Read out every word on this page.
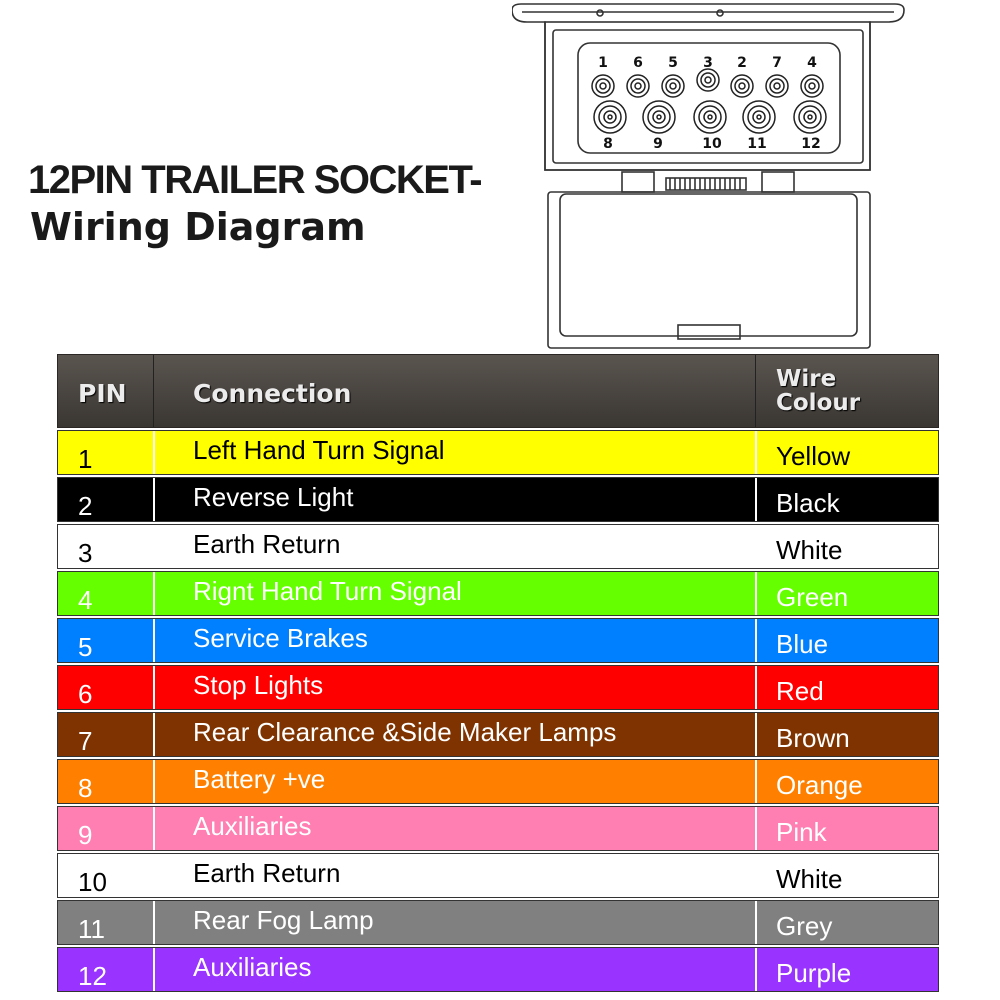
12PIN TRAILER SOCKET-
Wiring Diagram
1 6 5 3 2 7 4
8	9	10 11 12
PIN	Connection	Wire
Colour
1	Left Hand Turn Signal	Yellow
2	Reverse Light	Black
3	Earth Return	White
4	Rignt Hand Turn Signal	Green
5	Service Brakes	Blue
6	Stop Lights	Red
7	Rear Clearance &Side Maker Lamps	Brown
8	Battery +ve	Orange
9	Auxiliaries	Pink
10	Earth Return	White
11	Rear Fog Lamp	Grey
12	Auxiliaries	Purple
